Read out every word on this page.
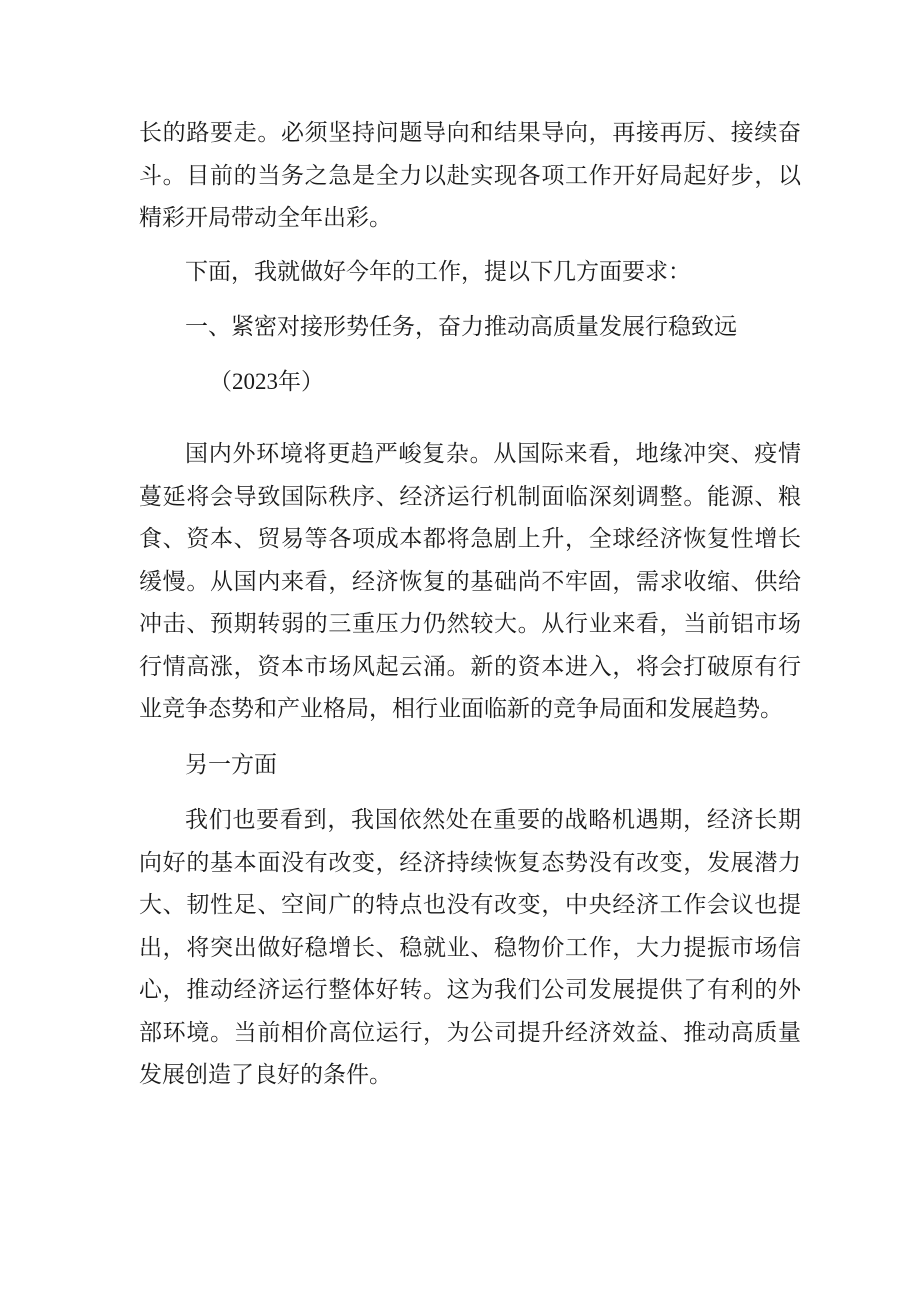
长的路要走。必须坚持问题导向和结果导向，再接再厉、接续奋斗。目前的当务之急是全力以赴实现各项工作开好局起好步，以精彩开局带动全年出彩。

下面，我就做好今年的工作，提以下几方面要求：

一、紧密对接形势任务，奋力推动高质量发展行稳致远

（2023年）

国内外环境将更趋严峻复杂。从国际来看，地缘冲突、疫情蔓延将会导致国际秩序、经济运行机制面临深刻调整。能源、粮食、资本、贸易等各项成本都将急剧上升，全球经济恢复性增长缓慢。从国内来看，经济恢复的基础尚不牢固，需求收缩、供给冲击、预期转弱的三重压力仍然较大。从行业来看，当前铝市场行情高涨，资本市场风起云涌。新的资本进入，将会打破原有行业竞争态势和产业格局，相行业面临新的竞争局面和发展趋势。

另一方面

我们也要看到，我国依然处在重要的战略机遇期，经济长期向好的基本面没有改变，经济持续恢复态势没有改变，发展潜力大、韧性足、空间广的特点也没有改变，中央经济工作会议也提出，将突出做好稳增长、稳就业、稳物价工作，大力提振市场信心，推动经济运行整体好转。这为我们公司发展提供了有利的外部环境。当前相价高位运行，为公司提升经济效益、推动高质量发展创造了良好的条件。
